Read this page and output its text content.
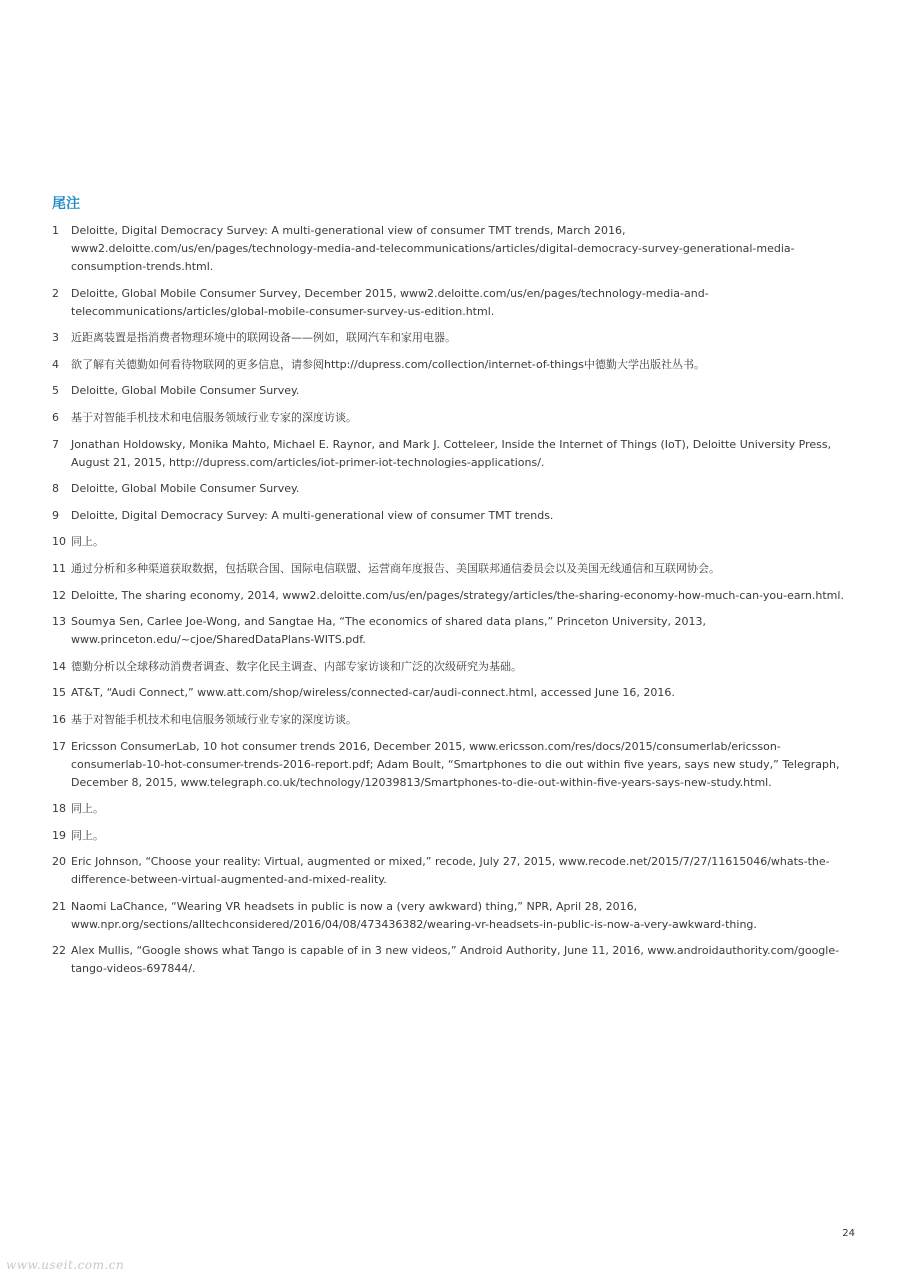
尾注
1	Deloitte, Digital Democracy Survey: A multi-generational view of consumer TMT trends, March 2016, www2.deloitte.com/us/en/pages/technology-media-and-telecommunications/articles/digital-democracy-survey-generational-media-consumption-trends.html.
2	Deloitte, Global Mobile Consumer Survey, December 2015, www2.deloitte.com/us/en/pages/technology-media-and-telecommunications/articles/global-mobile-consumer-survey-us-edition.html.
3	近距离装置是指消费者物理环境中的联网设备——例如，联网汽车和家用电器。
4	欲了解有关德勤如何看待物联网的更多信息，请参阅http://dupress.com/collection/internet-of-things中德勤大学出版社丛书。
5	Deloitte, Global Mobile Consumer Survey.
6	基于对智能手机技术和电信服务领域行业专家的深度访谈。
7	Jonathan Holdowsky, Monika Mahto, Michael E. Raynor, and Mark J. Cotteleer, Inside the Internet of Things (IoT), Deloitte University Press, August 21, 2015, http://dupress.com/articles/iot-primer-iot-technologies-applications/.
8	Deloitte, Global Mobile Consumer Survey.
9	Deloitte, Digital Democracy Survey: A multi-generational view of consumer TMT trends.
10 同上。
11 通过分析和多种渠道获取数据，包括联合国、国际电信联盟、运营商年度报告、美国联邦通信委员会以及美国无线通信和互联网协会。
12 Deloitte, The sharing economy, 2014, www2.deloitte.com/us/en/pages/strategy/articles/the-sharing-economy-how-much-can-you-earn.html.
13 Soumya Sen, Carlee Joe-Wong, and Sangtae Ha, “The economics of shared data plans,” Princeton University, 2013, www.princeton.edu/~cjoe/SharedDataPlans-WITS.pdf.
14 德勤分析以全球移动消费者调查、数字化民主调查、内部专家访谈和广泛的次级研究为基础。
15 AT&T, “Audi Connect,” www.att.com/shop/wireless/connected-car/audi-connect.html, accessed June 16, 2016.
16 基于对智能手机技术和电信服务领域行业专家的深度访谈。
17 Ericsson ConsumerLab, 10 hot consumer trends 2016, December 2015, www.ericsson.com/res/docs/2015/consumerlab/ericsson-consumerlab-10-hot-consumer-trends-2016-report.pdf; Adam Boult, “Smartphones to die out within five years, says new study,” Telegraph, December 8, 2015, www.telegraph.co.uk/technology/12039813/Smartphones-to-die-out-within-five-years-says-new-study.html.
18 同上。
19 同上。
20 Eric Johnson, “Choose your reality: Virtual, augmented or mixed,” recode, July 27, 2015, www.recode.net/2015/7/27/11615046/whats-the-difference-between-virtual-augmented-and-mixed-reality.
21 Naomi LaChance, “Wearing VR headsets in public is now a (very awkward) thing,” NPR, April 28, 2016, www.npr.org/sections/alltechconsidered/2016/04/08/473436382/wearing-vr-headsets-in-public-is-now-a-very-awkward-thing.
22 Alex Mullis, “Google shows what Tango is capable of in 3 new videos,” Android Authority, June 11, 2016, www.androidauthority.com/google-tango-videos-697844/.
24
www.useit.com.cn
